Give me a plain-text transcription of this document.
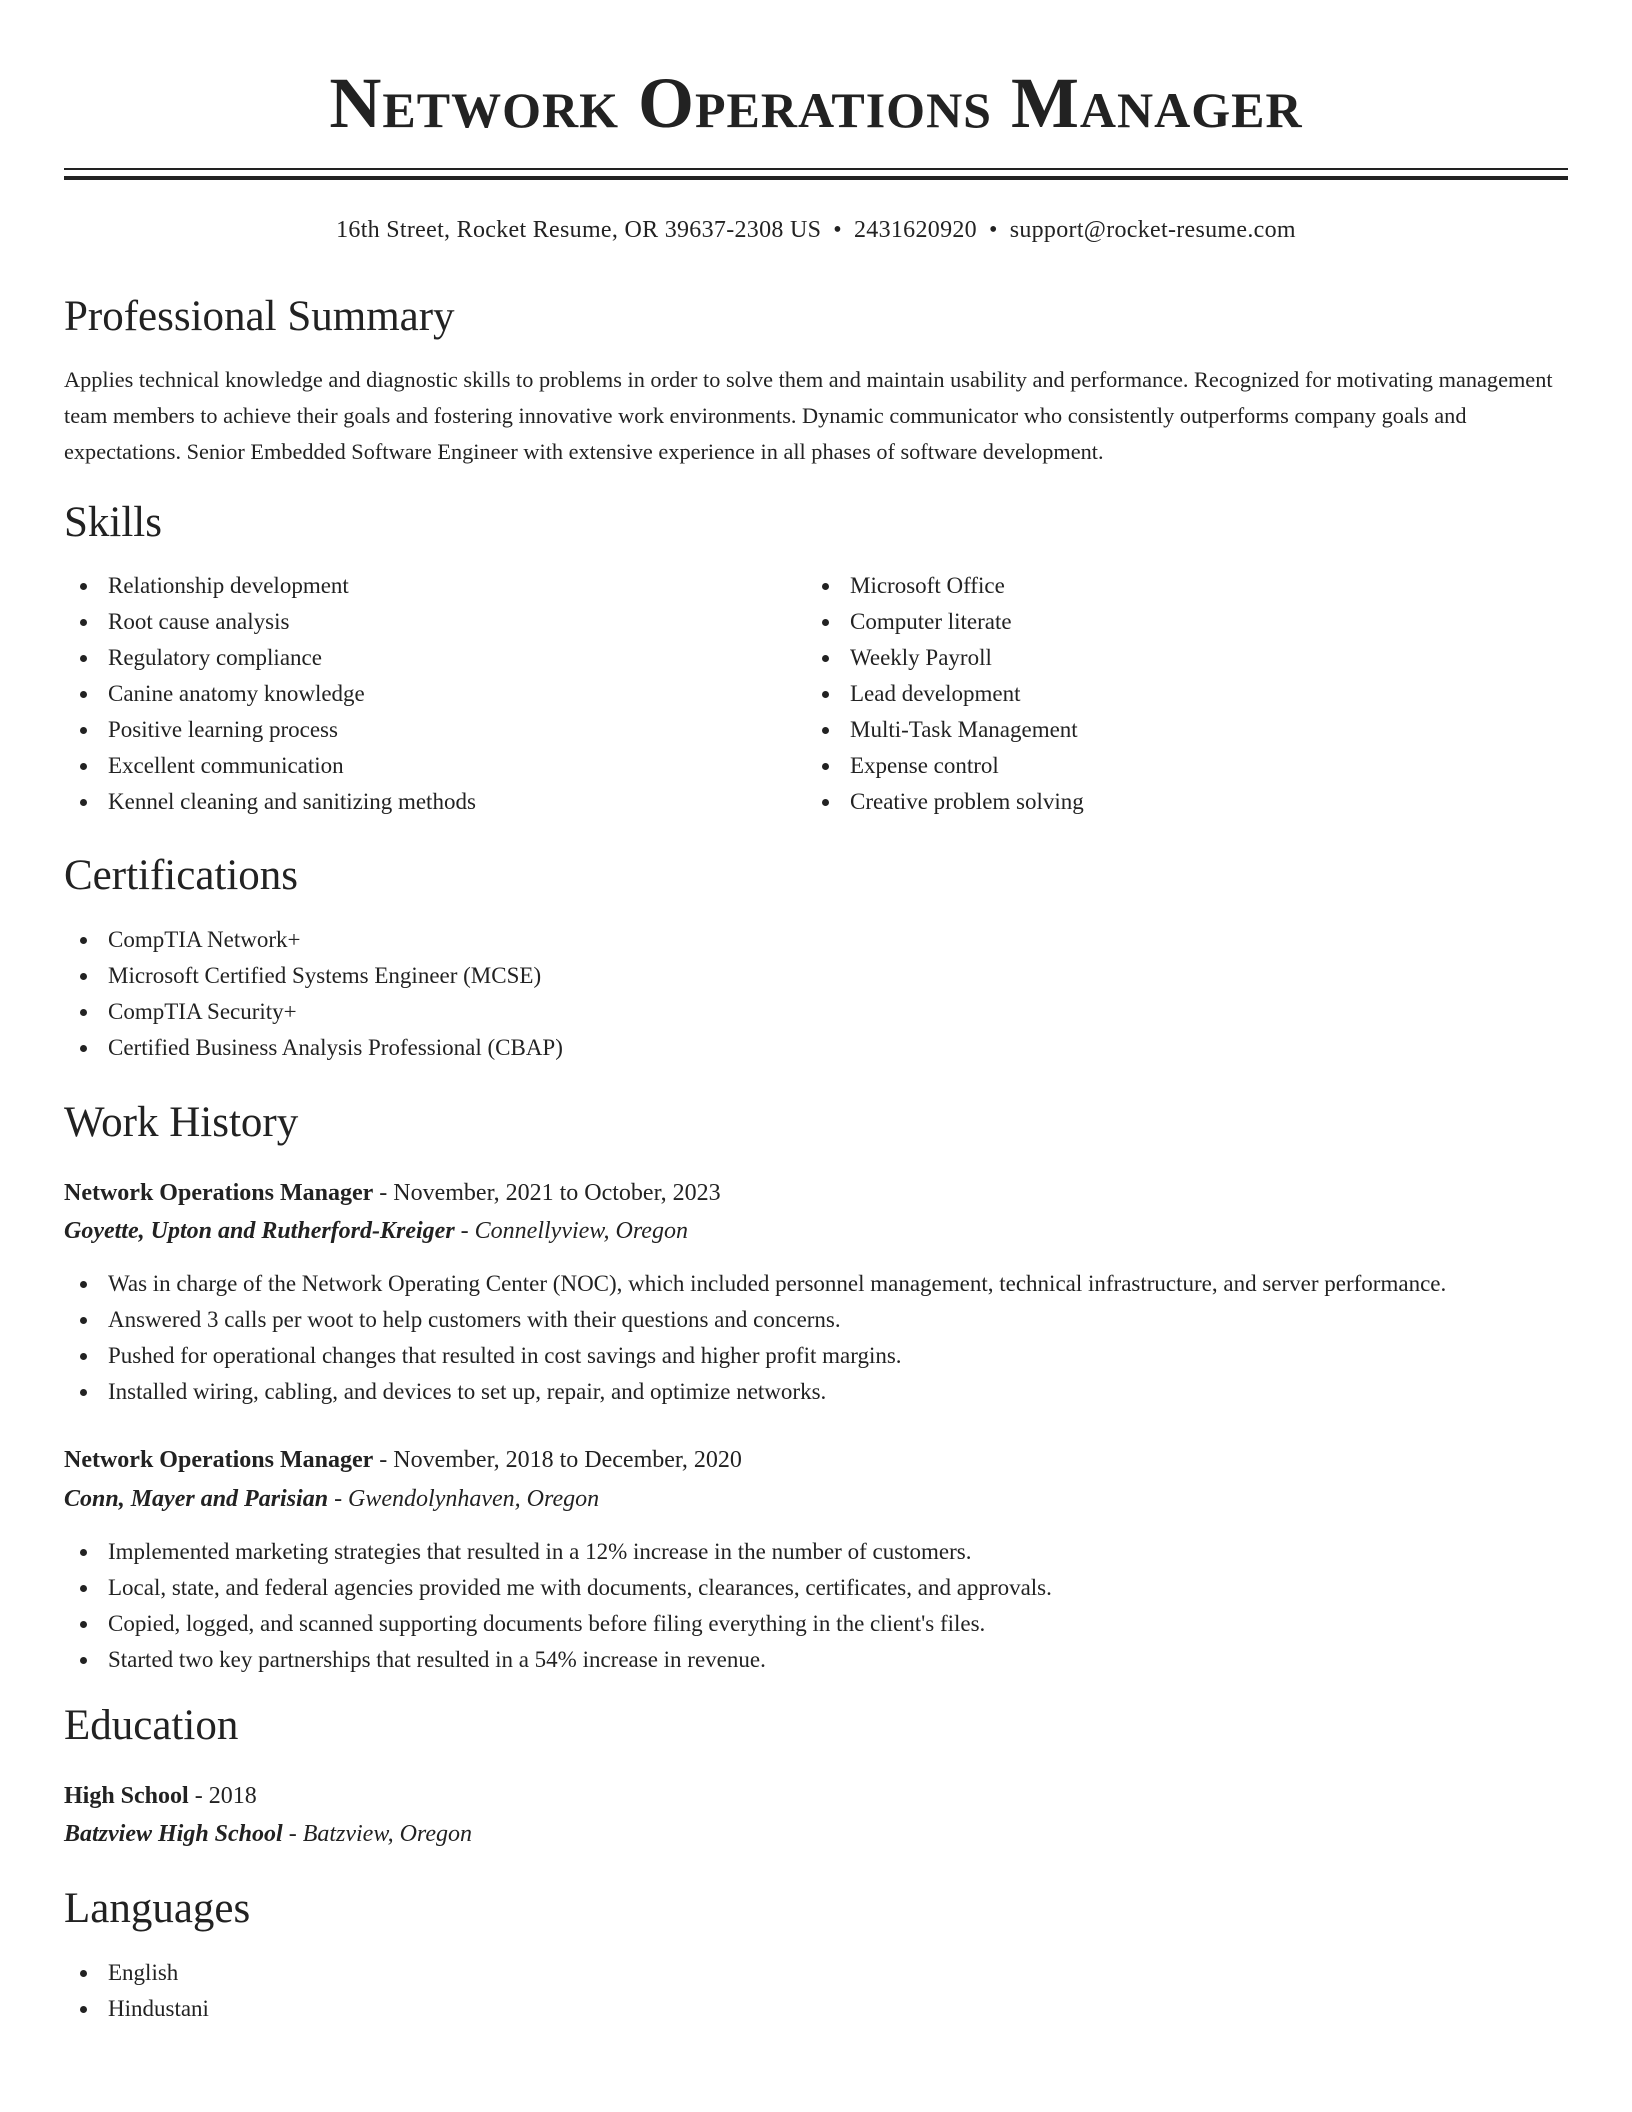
Network Operations Manager
16th Street, Rocket Resume, OR 39637-2308 US • 2431620920 • support@rocket-resume.com
Professional Summary

Applies technical knowledge and diagnostic skills to problems in order to solve them and maintain usability and performance. Recognized for motivating management team members to achieve their goals and fostering innovative work environments. Dynamic communicator who consistently outperforms company goals and expectations. Senior Embedded Software Engineer with extensive experience in all phases of software development.

Skills
Relationship development
Root cause analysis
Regulatory compliance
Canine anatomy knowledge
Positive learning process
Excellent communication
Kennel cleaning and sanitizing methods
Microsoft Office
Computer literate
Weekly Payroll
Lead development
Multi-Task Management
Expense control
Creative problem solving
Certifications
CompTIA Network+
Microsoft Certified Systems Engineer (MCSE)
CompTIA Security+
Certified Business Analysis Professional (CBAP)
Work History
Network Operations Manager - November, 2021 to October, 2023
Goyette, Upton and Rutherford-Kreiger - Connellyview, Oregon
Was in charge of the Network Operating Center (NOC), which included personnel management, technical infrastructure, and server performance.
Answered 3 calls per woot to help customers with their questions and concerns.
Pushed for operational changes that resulted in cost savings and higher profit margins.
Installed wiring, cabling, and devices to set up, repair, and optimize networks.
Network Operations Manager - November, 2018 to December, 2020
Conn, Mayer and Parisian - Gwendolynhaven, Oregon
Implemented marketing strategies that resulted in a 12% increase in the number of customers.
Local, state, and federal agencies provided me with documents, clearances, certificates, and approvals.
Copied, logged, and scanned supporting documents before filing everything in the client's files.
Started two key partnerships that resulted in a 54% increase in revenue.
Education
High School - 2018
Batzview High School - Batzview, Oregon
Languages
English
Hindustani
